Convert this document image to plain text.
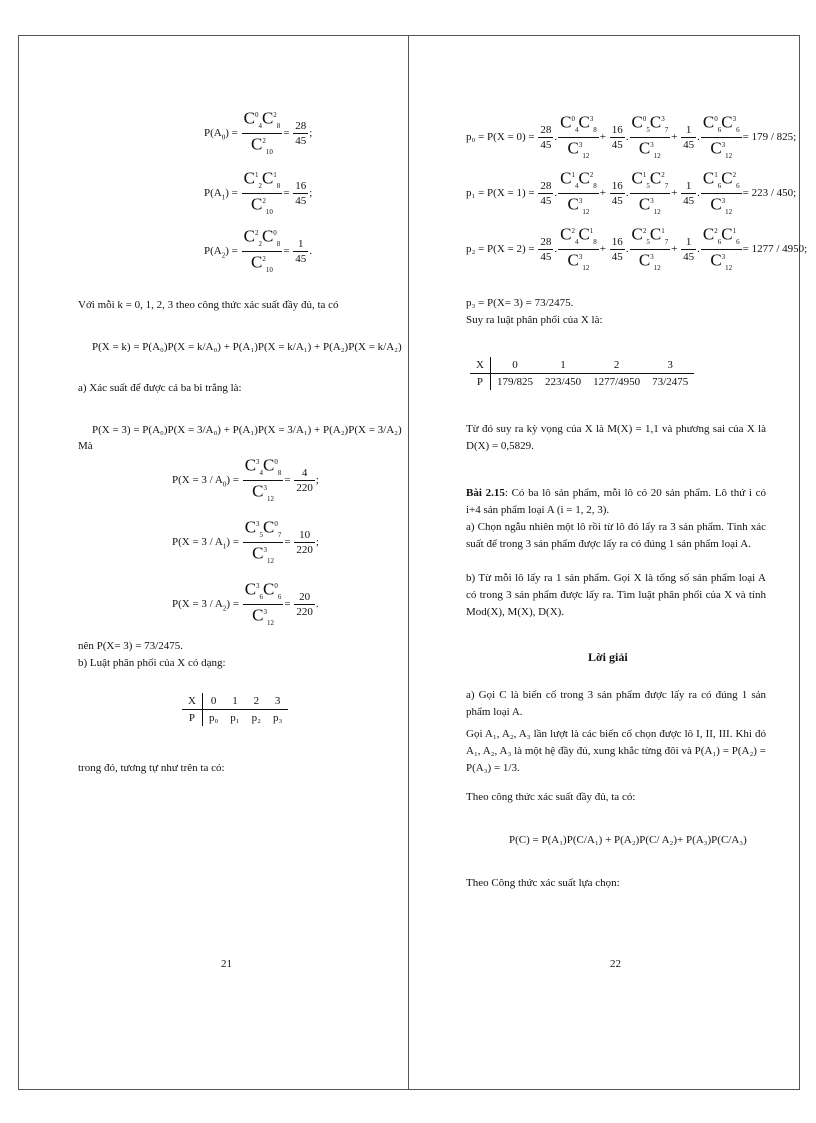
$P(A_0) = \frac{C^0_4C^2_8}{C^2_{10}} = \frac{28}{45}$ ;
$P(A_1) = \frac{C^1_2C^1_8}{C^2_{10}} = \frac{16}{45}$ ;
$P(A_2) = \frac{C^2_2C^0_8}{C^2_{10}} = \frac{1}{45}$ .
Với mỗi k = 0, 1, 2, 3 theo công thức xác suất đầy đủ, ta có
P(X = k) = P(A₀)P(X = k/A₀) + P(A₁)P(X = k/A₁) + P(A₂)P(X = k/A₂)
a) Xác suất để được cả ba bi trắng là:
P(X = 3) = P(A₀)P(X = 3/A₀) + P(A₁)P(X = 3/A₁) + P(A₂)P(X = 3/A₂)
Mà
$P(X = 3 / A_0) = \frac{C^3_4C^0_8}{C^3_{12}} = \frac{4}{220}$ ;
$P(X = 3 / A_1) = \frac{C^3_5C^0_7}{C^3_{12}} = \frac{10}{220}$ ;
$P(X = 3 / A_2) = \frac{C^3_6C^0_6}{C^3_{12}} = \frac{20}{220}$ .
nên P(X= 3) = 73/2475.
b) Luật phân phối của X có dạng:
X	0	1	2	3
P	p₀	p₁	p₂	p₃
trong đó, tương tự như trên ta có:
21
$p_0 = P(X = 0) = \frac{28}{45}$ . $\frac{C^0_4C^3_8}{C^3_{12}} + \frac{16}{45}$ . $\frac{C^0_5C^3_7}{C^3_{12}} + \frac{1}{45}$ . $\frac{C^0_6C^3_6}{C^3_{12}} = 179 / 825$;
$p_1 = P(X = 1) = \frac{28}{45}$ . $\frac{C^1_4C^2_8}{C^3_{12}} + \frac{16}{45}$ . $\frac{C^1_5C^2_7}{C^3_{12}} + \frac{1}{45}$ . $\frac{C^1_6C^2_6}{C^3_{12}} = 223 / 450$;
$p_2 = P(X = 2) = \frac{28}{45}$ . $\frac{C^2_4C^1_8}{C^3_{12}} + \frac{16}{45}$ . $\frac{C^2_5C^1_7}{C^3_{12}} + \frac{1}{45}$ . $\frac{C^2_6C^1_6}{C^3_{12}} = 1277 / 4950$;
p₃ = P(X= 3) = 73/2475.
Suy ra luật phân phối của X là:
X	0	1	2	3
P	179/825	223/450	1277/4950	73/2475
Từ đó suy ra kỳ vọng của X là M(X) = 1,1 và phương sai của X là D(X) = 0,5829.
Bài 2.15: Có ba lô sản phẩm, mỗi lô có 20 sản phẩm. Lô thứ i có i+4 sản phẩm loại A (i = 1, 2, 3).
a) Chọn ngẫu nhiên một lô rồi từ lô đó lấy ra 3 sản phẩm. Tính xác suất để trong 3 sản phẩm được lấy ra có đúng 1 sản phẩm loại A.
b) Từ mỗi lô lấy ra 1 sản phẩm. Gọi X là tổng số sản phẩm loại A có trong 3 sản phẩm được lấy ra. Tìm luật phân phối của X và tính Mod(X), M(X), D(X).
Lời giải
a) Gọi C là biến cố trong 3 sản phẩm được lấy ra có đúng 1 sản phẩm loại A.
Gọi A₁, A₂, A₃ lần lượt là các biến cố chọn được lô I, II, III. Khi đó A₁, A₂, A₃ là một hệ đầy đủ, xung khắc từng đôi và P(A₁) = P(A₂) = P(A₃) = 1/3.
Theo công thức xác suất đầy đủ, ta có:
P(C) = P(A₁)P(C/A₁) + P(A₂)P(C/ A₂)+ P(A₃)P(C/A₃)
Theo Công thức xác suất lựa chọn:
22
